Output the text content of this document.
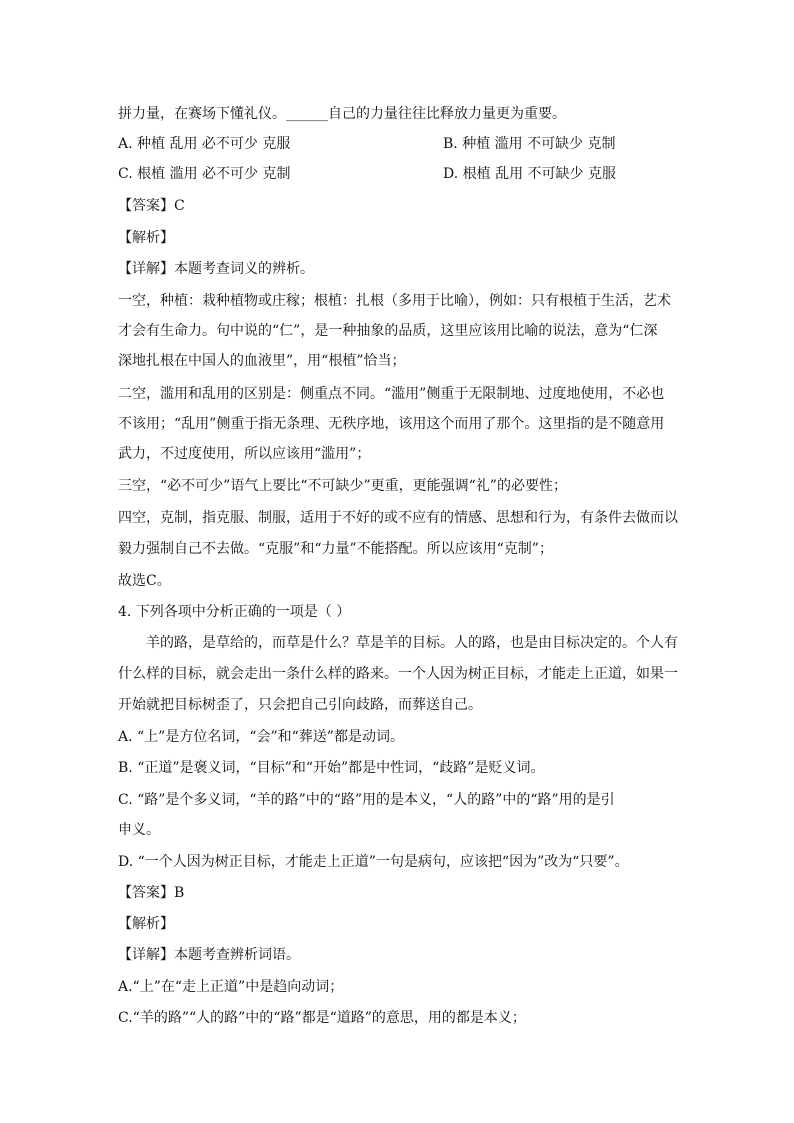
拼力量，在赛场下懂礼仪。______自己的力量往往比释放力量更为重要。
A. 种植 乱用 必不可少 克服	B. 种植 滥用 不可缺少 克制
C. 根植 滥用 必不可少 克制	D. 根植 乱用 不可缺少 克服
【答案】C
【解析】
【详解】本题考查词义的辨析。
一空，种植：栽种植物或庄稼；根植：扎根（多用于比喻），例如：只有根植于生活，艺术
才会有生命力。句中说的“仁”，是一种抽象的品质，这里应该用比喻的说法，意为“仁深
深地扎根在中国人的血液里”，用“根植”恰当；
二空，滥用和乱用的区别是：侧重点不同。“滥用”侧重于无限制地、过度地使用，不必也
不该用；“乱用”侧重于指无条理、无秩序地，该用这个而用了那个。这里指的是不随意用
武力，不过度使用，所以应该用“滥用”；
三空，“必不可少”语气上要比“不可缺少”更重，更能强调“礼”的必要性；
四空，克制，指克服、制服，适用于不好的或不应有的情感、思想和行为，有条件去做而以
毅力强制自己不去做。“克服”和“力量”不能搭配。所以应该用“克制”；
故选C。
4. 下列各项中分析正确的一项是（ ）
羊的路，是草给的，而草是什么？草是羊的目标。人的路，也是由目标决定的。个人有
什么样的目标，就会走出一条什么样的路来。一个人因为树正目标，才能走上正道，如果一
开始就把目标树歪了，只会把自己引向歧路，而葬送自己。
A. “上”是方位名词，“会”和“葬送”都是动词。
B. “正道”是褒义词，“目标”和“开始”都是中性词，“歧路”是贬义词。
C. “路”是个多义词，“羊的路”中的“路”用的是本义，“人的路”中的“路”用的是引
申义。
D. “一个人因为树正目标，才能走上正道”一句是病句，应该把“因为”改为“只要”。
【答案】B
【解析】
【详解】本题考查辨析词语。
A.“上”在“走上正道”中是趋向动词；
C.“羊的路”“人的路”中的“路”都是“道路”的意思，用的都是本义；
